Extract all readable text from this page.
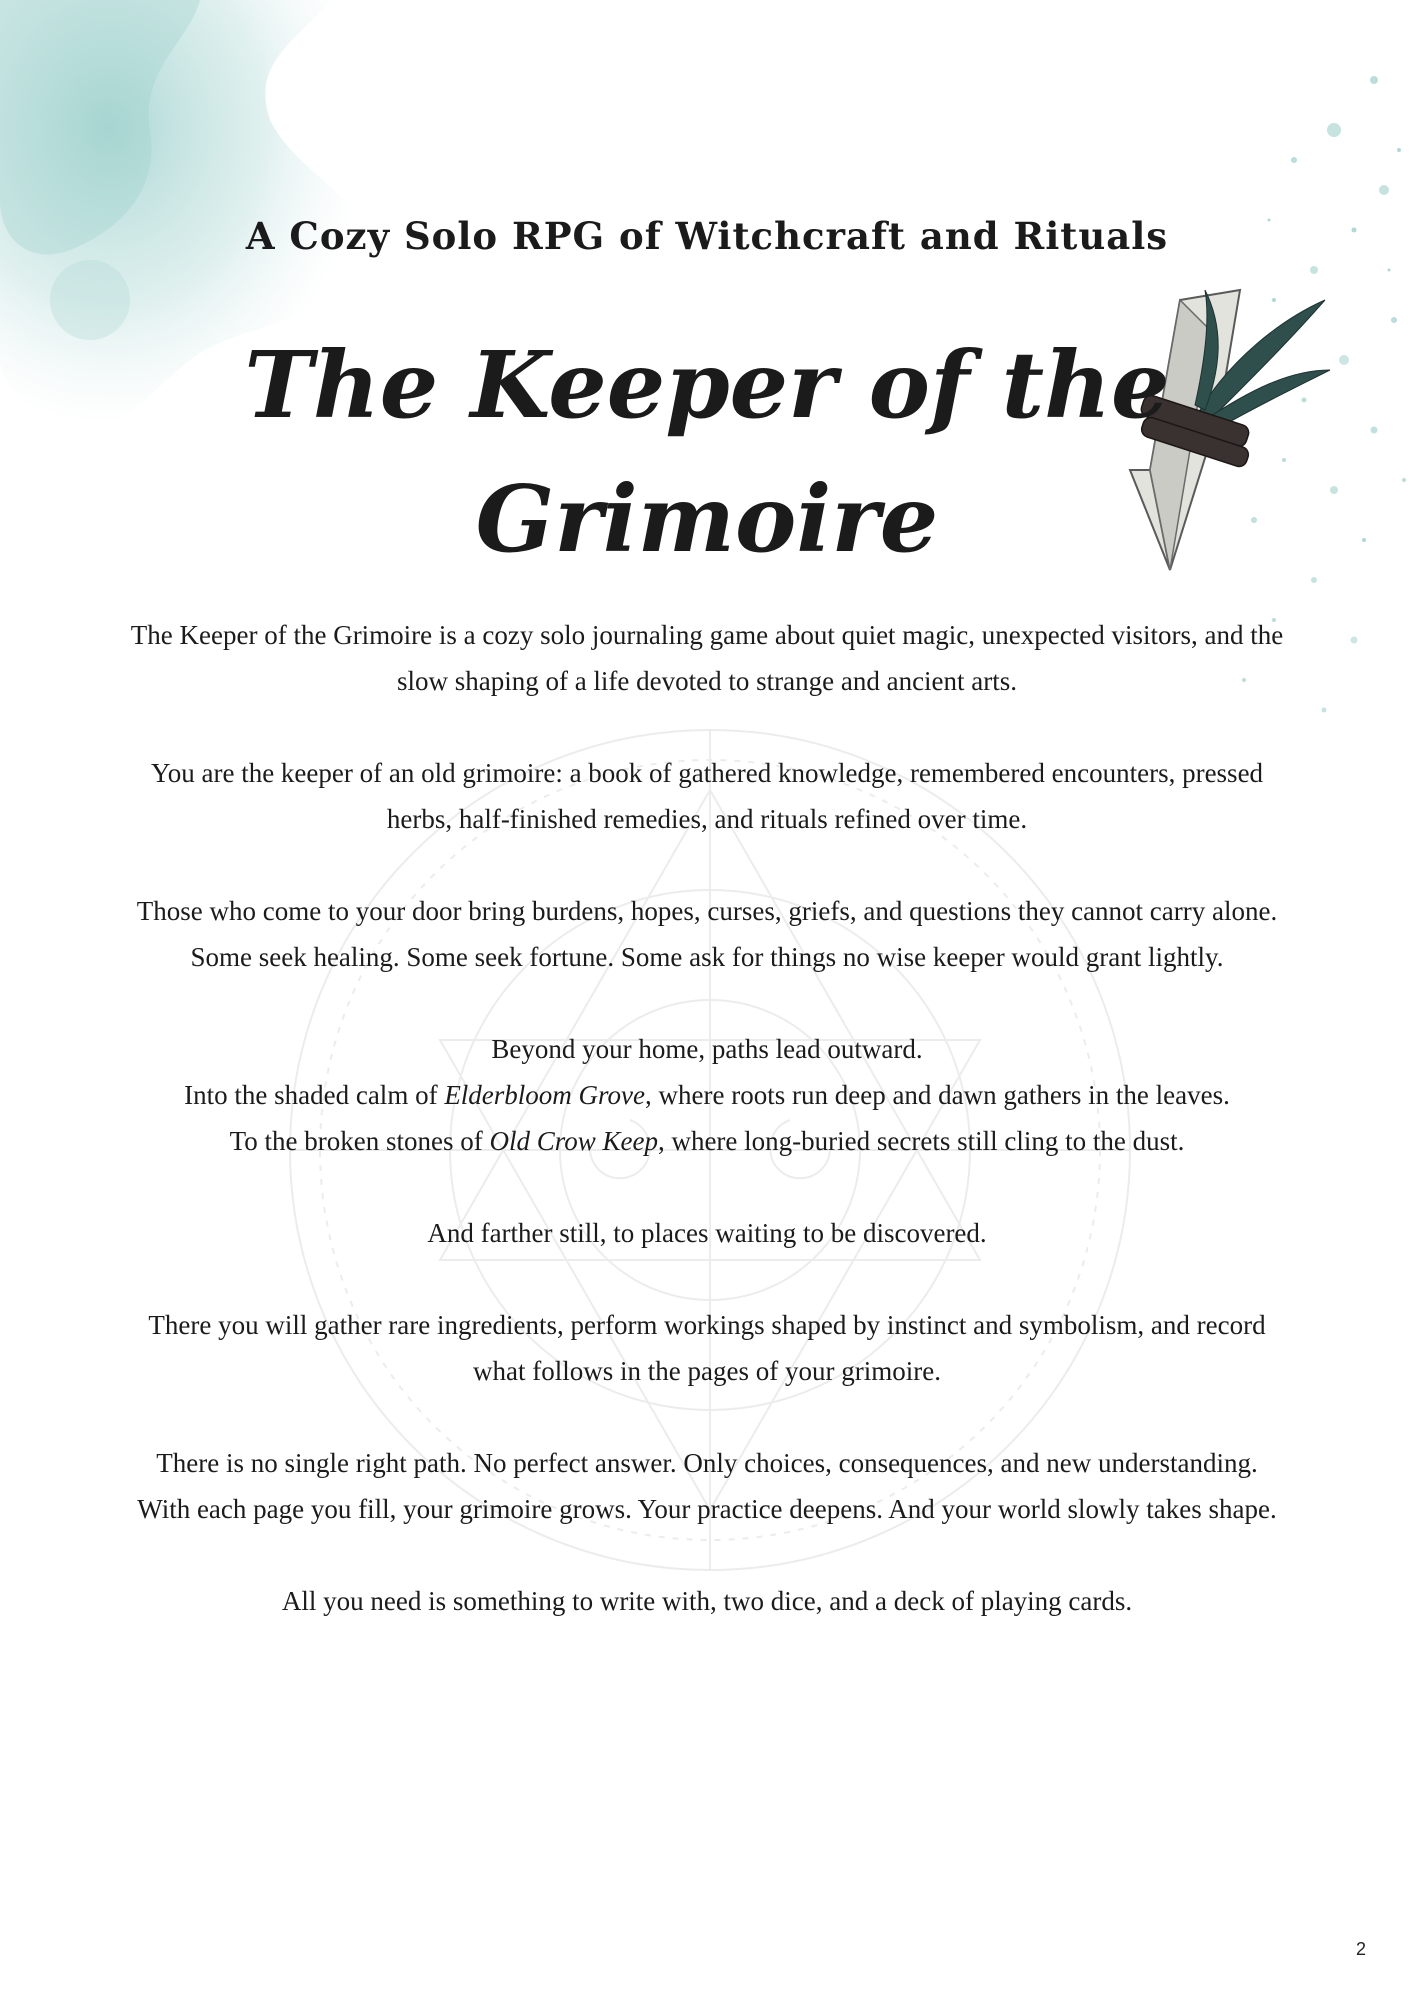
A Cozy Solo RPG of Witchcraft and Rituals
The Keeper of the Grimoire

The Keeper of the Grimoire is a cozy solo journaling game about quiet magic, unexpected visitors, and the slow shaping of a life devoted to strange and ancient arts.

You are the keeper of an old grimoire: a book of gathered knowledge, remembered encounters, pressed herbs, half-finished remedies, and rituals refined over time.

Those who come to your door bring burdens, hopes, curses, griefs, and questions they cannot carry alone. Some seek healing. Some seek fortune. Some ask for things no wise keeper would grant lightly.

Beyond your home, paths lead outward.
Into the shaded calm of Elderbloom Grove, where roots run deep and dawn gathers in the leaves.
To the broken stones of Old Crow Keep, where long-buried secrets still cling to the dust.

And farther still, to places waiting to be discovered.

There you will gather rare ingredients, perform workings shaped by instinct and symbolism, and record what follows in the pages of your grimoire.

There is no single right path. No perfect answer. Only choices, consequences, and new understanding.
With each page you fill, your grimoire grows. Your practice deepens. And your world slowly takes shape.

All you need is something to write with, two dice, and a deck of playing cards.

2
